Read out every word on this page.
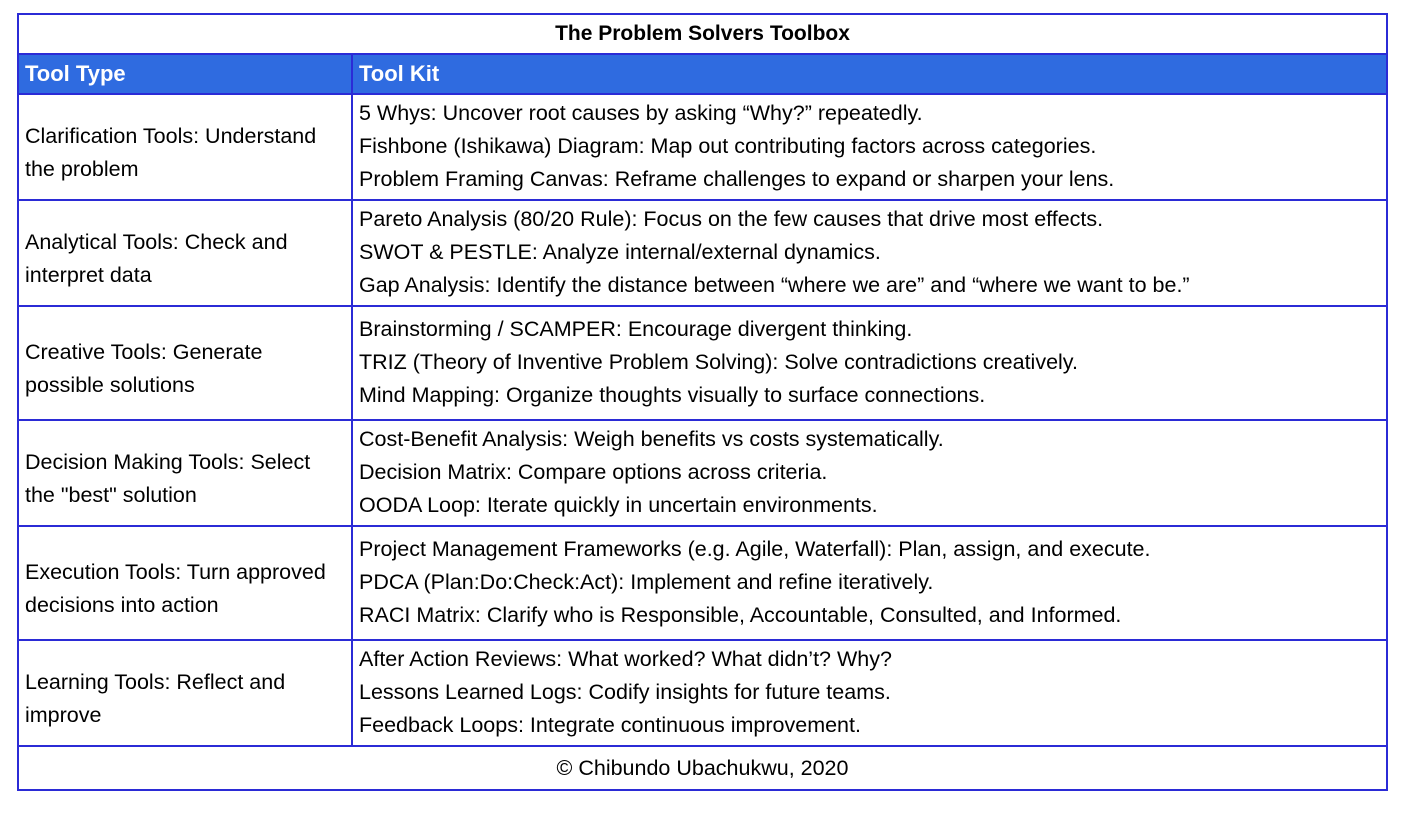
The Problem Solvers Toolbox	
Tool Type	Tool Kit
Clarification Tools: Understand the problem	5 Whys: Uncover root causes by asking “Why?” repeatedly.
Fishbone (Ishikawa) Diagram: Map out contributing factors across categories.
Problem Framing Canvas: Reframe challenges to expand or sharpen your lens.

Analytical Tools: Check and interpret data	Pareto Analysis (80/20 Rule): Focus on the few causes that drive most effects.
SWOT & PESTLE: Analyze internal/external dynamics.
Gap Analysis: Identify the distance between “where we are” and “where we want to be.”

Creative Tools: Generate possible solutions	Brainstorming / SCAMPER: Encourage divergent thinking.
TRIZ (Theory of Inventive Problem Solving): Solve contradictions creatively.
Mind Mapping: Organize thoughts visually to surface connections.

Decision Making Tools: Select the "best" solution	Cost-Benefit Analysis: Weigh benefits vs costs systematically.
Decision Matrix: Compare options across criteria.
OODA Loop: Iterate quickly in uncertain environments.

Execution Tools: Turn approved decisions into action	Project Management Frameworks (e.g. Agile, Waterfall): Plan, assign, and execute.
PDCA (Plan:Do:Check:Act): Implement and refine iteratively.
RACI Matrix: Clarify who is Responsible, Accountable, Consulted, and Informed.

Learning Tools: Reflect and improve	After Action Reviews: What worked? What didn’t? Why?
Lessons Learned Logs: Codify insights for future teams.
Feedback Loops: Integrate continuous improvement.

© Chibundo Ubachukwu, 2020	
